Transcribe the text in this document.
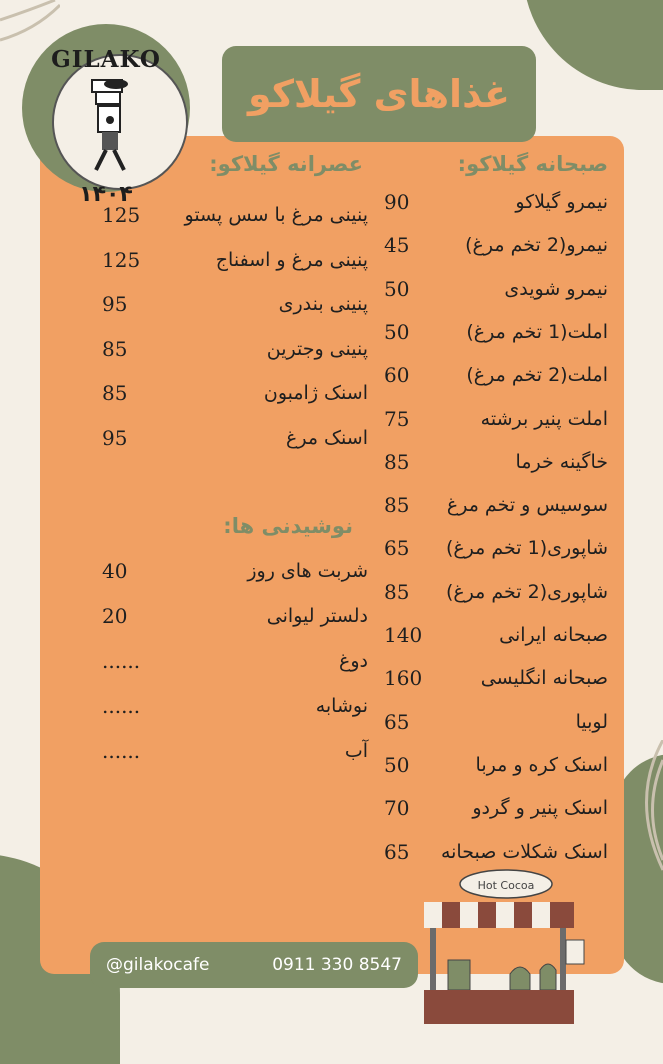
غذاهای گیلاکو
GILAKO
۱۴۰۴
صبحانه گیلاکو:
90	نیمرو گیلاکو
45	نیمرو(2 تخم مرغ)
50	نیمرو شویدی
50	املت(1 تخم مرغ)
60	املت(2 تخم مرغ)
75	املت پنیر برشته
85	خاگینه خرما
85 سوسیس و تخم مرغ
65 شاپوری(1 تخم مرغ)
85 شاپوری(2 تخم مرغ)
140	صبحانه ایرانی
160	صبحانه انگلیسی
65	لوبیا
50	اسنک کره و مربا
70	اسنک پنیر و گردو
65 اسنک شکلات صبحانه
عصرانه گیلاکو:
125 پنینی مرغ با سس پستو
125	پنینی مرغ و اسفناج
95	پنینی بندری
85	پنینی وجترین
85	اسنک ژامبون
95	اسنک مرغ
نوشیدنی ها:
40	شربت های روز
20	دلستر لیوانی
......	دوغ
......	نوشابه
......	آب
@gilakocafe	0911 330 8547
Hot Cocoa
